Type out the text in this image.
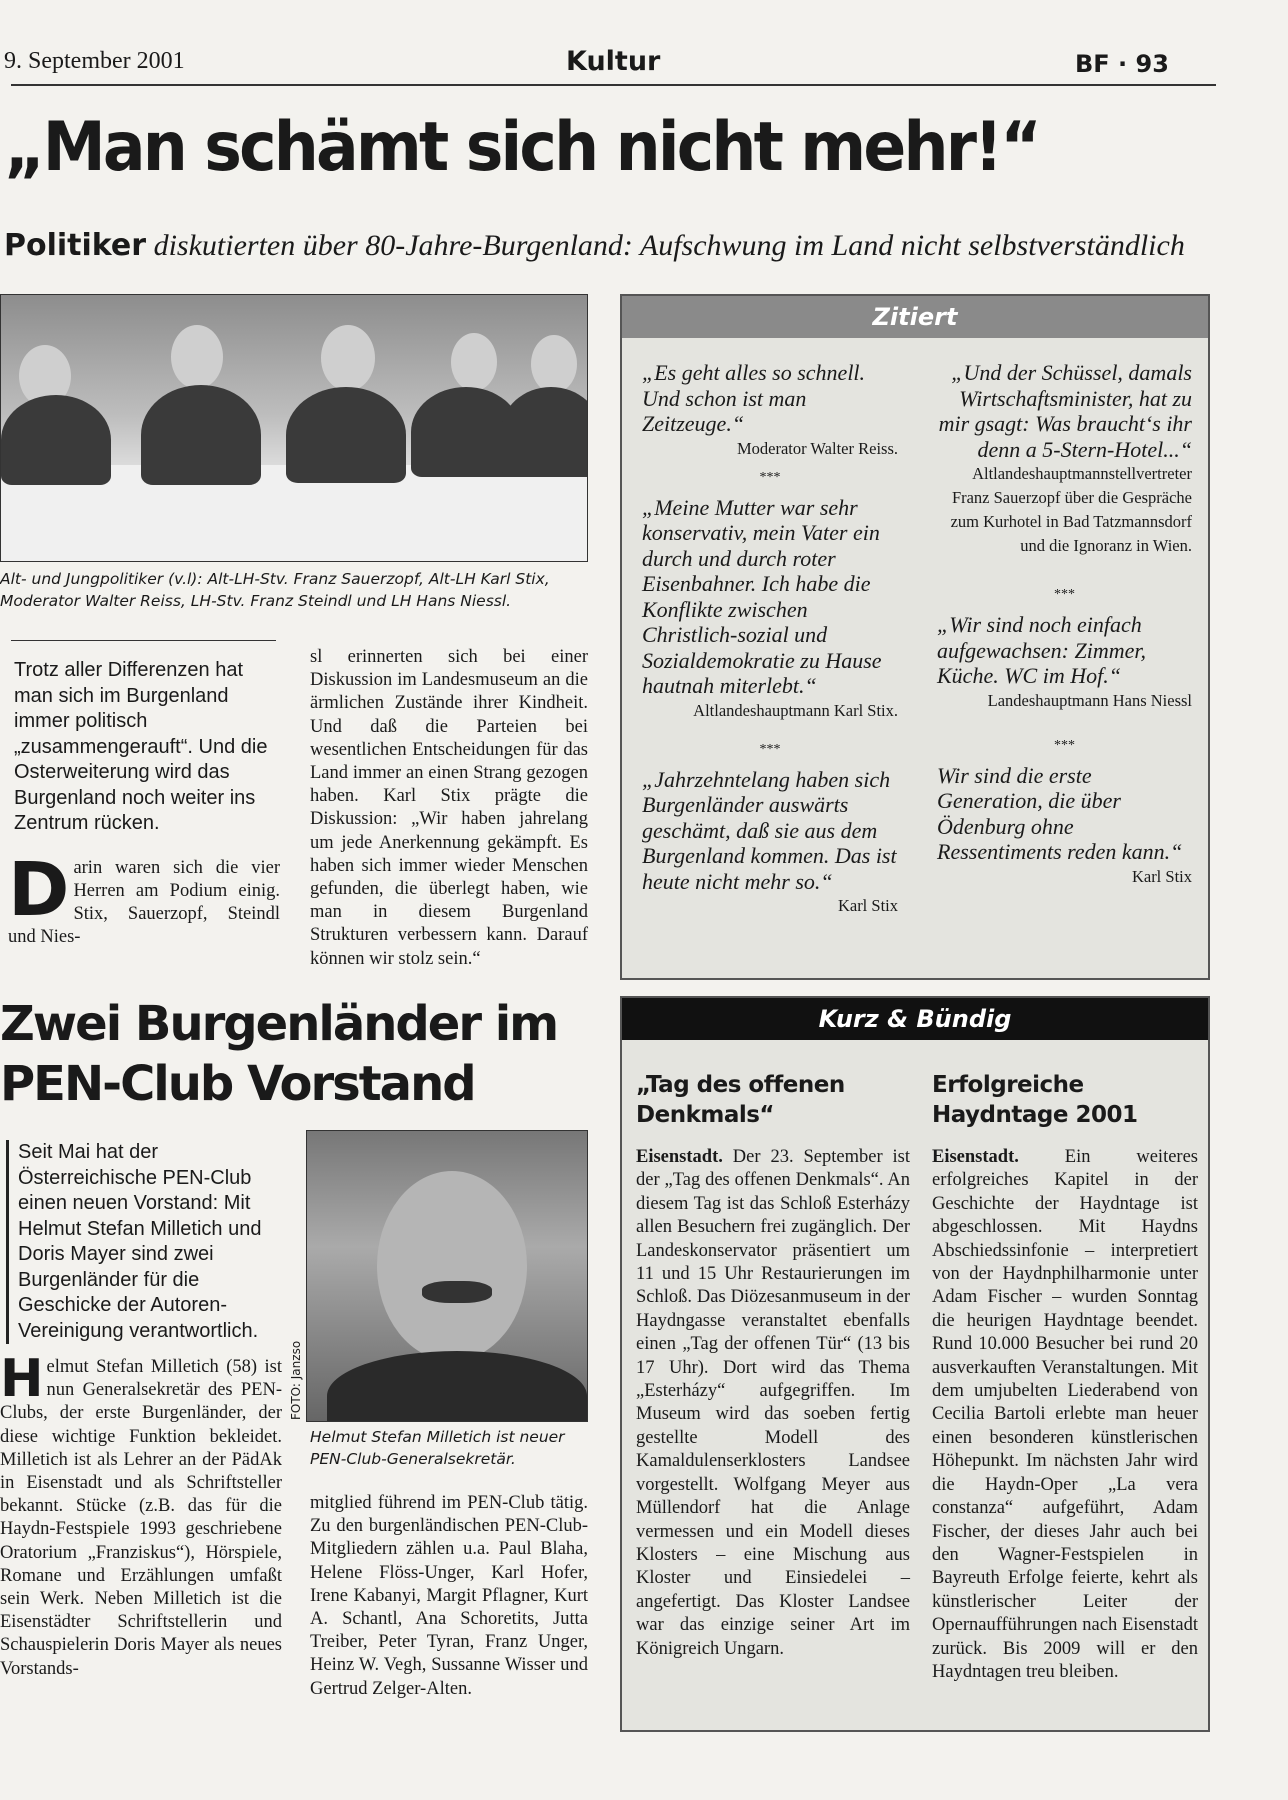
9. September 2001	Kultur	BF · 93
„Man schämt sich nicht mehr!“
Politiker diskutierten über 80-Jahre-Burgenland: Aufschwung im Land nicht selbstverständlich
Alt- und Jungpolitiker (v.l): Alt-LH-Stv. Franz Sauerzopf, Alt-LH Karl Stix,
Moderator Walter Reiss, LH-Stv. Franz Steindl und LH Hans Niessl.
Trotz aller Differenzen hat man sich im Burgenland immer politisch „zusammengerauft“. Und die Osterweiterung wird das Burgenland noch weiter ins Zentrum rücken.
Darin waren sich die vier Herren am Podium einig. Stix, Sauerzopf, Steindl und Nies-
sl erinnerten sich bei einer Diskussion im Landesmuseum an die ärmlichen Zustände ihrer Kindheit. Und daß die Parteien bei wesentlichen Entscheidungen für das Land immer an einen Strang gezogen haben. Karl Stix prägte die Diskussion: „Wir haben jahrelang um jede Anerkennung gekämpft. Es haben sich immer wieder Menschen gefunden, die überlegt haben, wie man in diesem Burgenland Strukturen verbessern kann. Darauf können wir stolz sein.“
Zitiert
„Es geht alles so schnell. Und schon ist man Zeitzeuge.“
Moderator Walter Reiss.
***
„Meine Mutter war sehr konservativ, mein Vater ein durch und durch roter Eisenbahner. Ich habe die Konflikte zwischen Christlich-sozial und Sozialdemokratie zu Hause hautnah miterlebt.“
Altlandeshauptmann Karl Stix.
***
„Jahrzehntelang haben sich Burgenländer auswärts geschämt, daß sie aus dem Burgenland kommen. Das ist heute nicht mehr so.“
Karl Stix
„Und der Schüssel, damals Wirtschaftsminister, hat zu mir gsagt: Was braucht‘s ihr denn a 5-Stern-Hotel...“
Altlandeshauptmannstellvertreter Franz Sauerzopf über die Gespräche zum Kurhotel in Bad Tatzmannsdorf und die Ignoranz in Wien.
***
„Wir sind noch einfach aufgewachsen: Zimmer, Küche. WC im Hof.“
Landeshauptmann Hans Niessl
***
Wir sind die erste Generation, die über Ödenburg ohne Ressentiments reden kann.“
Karl Stix
Zwei Burgenländer im PEN-Club Vorstand
Seit Mai hat der Österreichische PEN-Club einen neuen Vorstand: Mit Helmut Stefan Milletich und Doris Mayer sind zwei Burgenländer für die Geschicke der Autoren-Vereinigung verantwortlich.
Helmut Stefan Milletich (58) ist nun Generalsekretär des PEN-Clubs, der erste Burgenländer, der diese wichtige Funktion bekleidet. Milletich ist als Lehrer an der PädAk in Eisenstadt und als Schriftsteller bekannt. Stücke (z.B. das für die Haydn-Festspiele 1993 geschriebene Oratorium „Franziskus“), Hörspiele, Romane und Erzählungen umfaßt sein Werk. Neben Milletich ist die Eisenstädter Schriftstellerin und Schauspielerin Doris Mayer als neues Vorstands-
FOTO: Janzso
Helmut Stefan Milletich ist neuer
PEN-Club-Generalsekretär.
mitglied führend im PEN-Club tätig. Zu den burgenländischen PEN-Club-Mitgliedern zählen u.a. Paul Blaha, Helene Flöss-Unger, Karl Hofer, Irene Kabanyi, Margit Pflagner, Kurt A. Schantl, Ana Schoretits, Jutta Treiber, Peter Tyran, Franz Unger, Heinz W. Vegh, Sussanne Wisser und Gertrud Zelger-Alten.
Kurz & Bündig
„Tag des offenen Denkmals“
Eisenstadt. Der 23. September ist der „Tag des offenen Denkmals“. An diesem Tag ist das Schloß Esterházy allen Besuchern frei zugänglich. Der Landeskonservator präsentiert um 11 und 15 Uhr Restaurierungen im Schloß. Das Diözesanmuseum in der Haydngasse veranstaltet ebenfalls einen „Tag der offenen Tür“ (13 bis 17 Uhr). Dort wird das Thema „Esterházy“ aufgegriffen. Im Museum wird das soeben fertig gestellte Modell des Kamaldulenserklosters Landsee vorgestellt. Wolfgang Meyer aus Müllendorf hat die Anlage vermessen und ein Modell dieses Klosters – eine Mischung aus Kloster und Einsiedelei – angefertigt. Das Kloster Landsee war das einzige seiner Art im Königreich Ungarn.
Erfolgreiche Haydntage 2001
Eisenstadt. Ein weiteres erfolgreiches Kapitel in der Geschichte der Haydntage ist abgeschlossen. Mit Haydns Abschiedssinfonie – interpretiert von der Haydnphilharmonie unter Adam Fischer – wurden Sonntag die heurigen Haydntage beendet. Rund 10.000 Besucher bei rund 20 ausverkauften Veranstaltungen. Mit dem umjubelten Liederabend von Cecilia Bartoli erlebte man heuer einen besonderen künstlerischen Höhepunkt. Im nächsten Jahr wird die Haydn-Oper „La vera constanza“ aufgeführt, Adam Fischer, der dieses Jahr auch bei den Wagner-Festspielen in Bayreuth Erfolge feierte, kehrt als künstlerischer Leiter der Opernaufführungen nach Eisenstadt zurück. Bis 2009 will er den Haydntagen treu bleiben.
